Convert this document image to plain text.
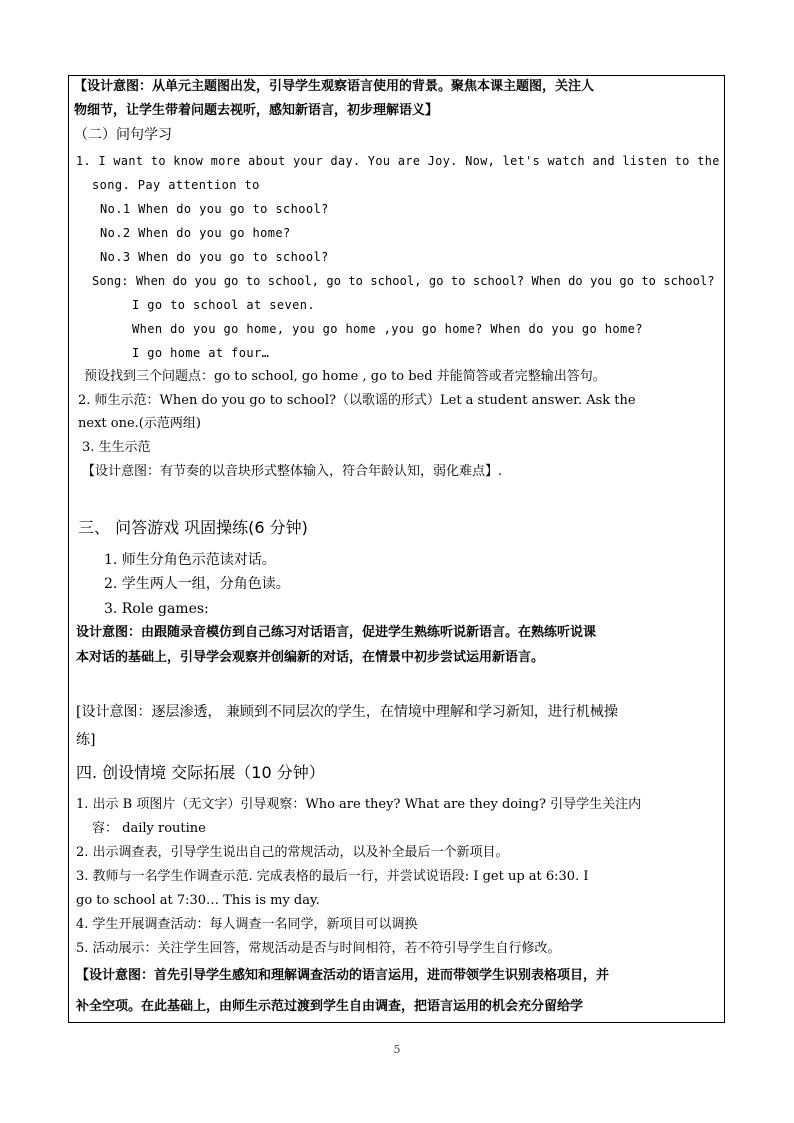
【设计意图：从单元主题图出发，引导学生观察语言使用的背景。聚焦本课主题图，关注人
物细节，让学生带着问题去视听，感知新语言，初步理解语义】
（二）问句学习
1. I want to know more about your day. You are Joy. Now, let's watch and listen to the
song. Pay attention to
No.1 When do you go to school?
No.2 When do you go home?
No.3 When do you go to school?
Song: When do you go to school, go to school, go to school? When do you go to school?
I go to school at seven.
When do you go home, you go home ,you go home? When do you go home?
I go home at four…
预设找到三个问题点：go to school, go home , go to bed 并能简答或者完整输出答句。
2. 师生示范：When do you go to school?（以歌谣的形式）Let a student answer. Ask the
next one.(示范两组)
3. 生生示范
【设计意图：有节奏的以音块形式整体输入，符合年龄认知，弱化难点】.
三、 问答游戏 巩固操练(6 分钟)
1. 师生分角色示范读对话。
2. 学生两人一组，分角色读。
3. Role games:
设计意图：由跟随录音模仿到自己练习对话语言，促进学生熟练听说新语言。在熟练听说课
本对话的基础上，引导学会观察并创编新的对话，在情景中初步尝试运用新语言。
[设计意图：逐层渗透， 兼顾到不同层次的学生，在情境中理解和学习新知，进行机械操
练]
四. 创设情境 交际拓展（10 分钟）
1. 出示 B 项图片（无文字）引导观察：Who are they? What are they doing? 引导学生关注内
容： daily routine
2. 出示调查表，引导学生说出自己的常规活动，以及补全最后一个新项目。
3. 教师与一名学生作调查示范. 完成表格的最后一行，并尝试说语段: I get up at 6:30. I
go to school at 7:30… This is my day.
4. 学生开展调查活动：每人调查一名同学，新项目可以调换
5. 活动展示：关注学生回答，常规活动是否与时间相符，若不符引导学生自行修改。
【设计意图：首先引导学生感知和理解调查活动的语言运用，进而带领学生识别表格项目，并
补全空项。在此基础上，由师生示范过渡到学生自由调查，把语言运用的机会充分留给学
5
